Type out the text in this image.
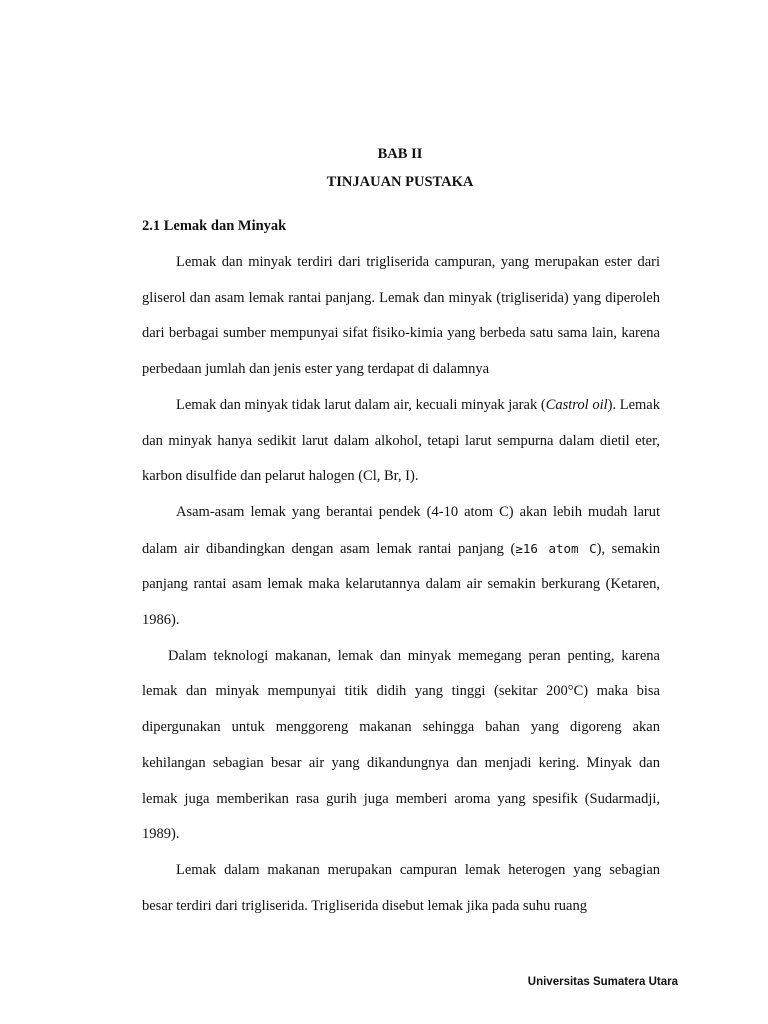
BAB II
TINJAUAN PUSTAKA
2.1 Lemak dan Minyak

Lemak dan minyak terdiri dari trigliserida campuran, yang merupakan ester dari gliserol dan asam lemak rantai panjang. Lemak dan minyak (trigliserida) yang diperoleh dari berbagai sumber mempunyai sifat fisiko-kimia yang berbeda satu sama lain, karena perbedaan jumlah dan jenis ester yang terdapat di dalamnya

Lemak dan minyak tidak larut dalam air, kecuali minyak jarak (Castrol oil). Lemak dan minyak hanya sedikit larut dalam alkohol, tetapi larut sempurna dalam dietil eter, karbon disulfide dan pelarut halogen (Cl, Br, I).

Asam-asam lemak yang berantai pendek (4-10 atom C) akan lebih mudah larut dalam air dibandingkan dengan asam lemak rantai panjang (≥16 atom C), semakin panjang rantai asam lemak maka kelarutannya dalam air semakin berkurang (Ketaren, 1986).

Dalam teknologi makanan, lemak dan minyak memegang peran penting, karena lemak dan minyak mempunyai titik didih yang tinggi (sekitar 200°C) maka bisa dipergunakan untuk menggoreng makanan sehingga bahan yang digoreng akan kehilangan sebagian besar air yang dikandungnya dan menjadi kering. Minyak dan lemak juga memberikan rasa gurih juga memberi aroma yang spesifik (Sudarmadji, 1989).

Lemak dalam makanan merupakan campuran lemak heterogen yang sebagian besar terdiri dari trigliserida. Trigliserida disebut lemak jika pada suhu ruang

Universitas Sumatera Utara
